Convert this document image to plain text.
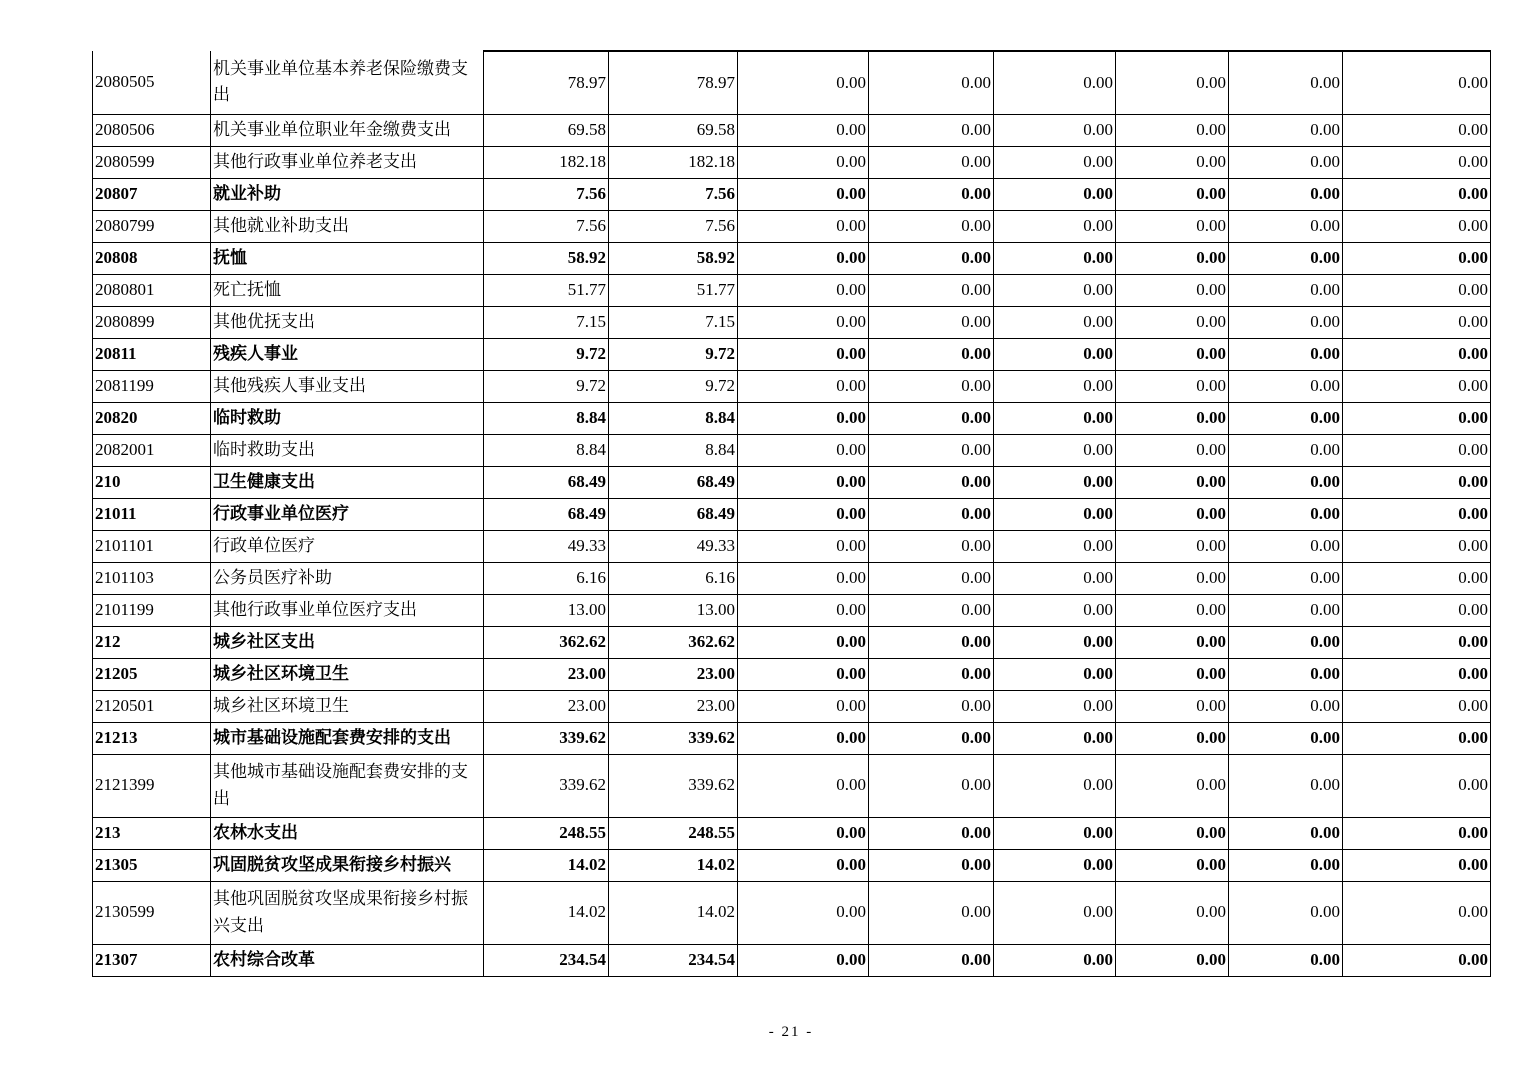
2080505	机关事业单位基本养老保险缴费支出	78.97	78.97	0.00	0.00	0.00	0.00	0.00	0.00
2080506	机关事业单位职业年金缴费支出	69.58	69.58	0.00	0.00	0.00	0.00	0.00	0.00
2080599	其他行政事业单位养老支出	182.18	182.18	0.00	0.00	0.00	0.00	0.00	0.00
20807	就业补助	7.56	7.56	0.00	0.00	0.00	0.00	0.00	0.00
2080799	其他就业补助支出	7.56	7.56	0.00	0.00	0.00	0.00	0.00	0.00
20808	抚恤	58.92	58.92	0.00	0.00	0.00	0.00	0.00	0.00
2080801	死亡抚恤	51.77	51.77	0.00	0.00	0.00	0.00	0.00	0.00
2080899	其他优抚支出	7.15	7.15	0.00	0.00	0.00	0.00	0.00	0.00
20811	残疾人事业	9.72	9.72	0.00	0.00	0.00	0.00	0.00	0.00
2081199	其他残疾人事业支出	9.72	9.72	0.00	0.00	0.00	0.00	0.00	0.00
20820	临时救助	8.84	8.84	0.00	0.00	0.00	0.00	0.00	0.00
2082001	临时救助支出	8.84	8.84	0.00	0.00	0.00	0.00	0.00	0.00
210	卫生健康支出	68.49	68.49	0.00	0.00	0.00	0.00	0.00	0.00
21011	行政事业单位医疗	68.49	68.49	0.00	0.00	0.00	0.00	0.00	0.00
2101101	行政单位医疗	49.33	49.33	0.00	0.00	0.00	0.00	0.00	0.00
2101103	公务员医疗补助	6.16	6.16	0.00	0.00	0.00	0.00	0.00	0.00
2101199	其他行政事业单位医疗支出	13.00	13.00	0.00	0.00	0.00	0.00	0.00	0.00
212	城乡社区支出	362.62	362.62	0.00	0.00	0.00	0.00	0.00	0.00
21205	城乡社区环境卫生	23.00	23.00	0.00	0.00	0.00	0.00	0.00	0.00
2120501	城乡社区环境卫生	23.00	23.00	0.00	0.00	0.00	0.00	0.00	0.00
21213	城市基础设施配套费安排的支出	339.62	339.62	0.00	0.00	0.00	0.00	0.00	0.00
2121399	其他城市基础设施配套费安排的支出	339.62	339.62	0.00	0.00	0.00	0.00	0.00	0.00
213	农林水支出	248.55	248.55	0.00	0.00	0.00	0.00	0.00	0.00
21305	巩固脱贫攻坚成果衔接乡村振兴	14.02	14.02	0.00	0.00	0.00	0.00	0.00	0.00
2130599	其他巩固脱贫攻坚成果衔接乡村振兴支出	14.02	14.02	0.00	0.00	0.00	0.00	0.00	0.00
21307	农村综合改革	234.54	234.54	0.00	0.00	0.00	0.00	0.00	0.00
- 21 -
